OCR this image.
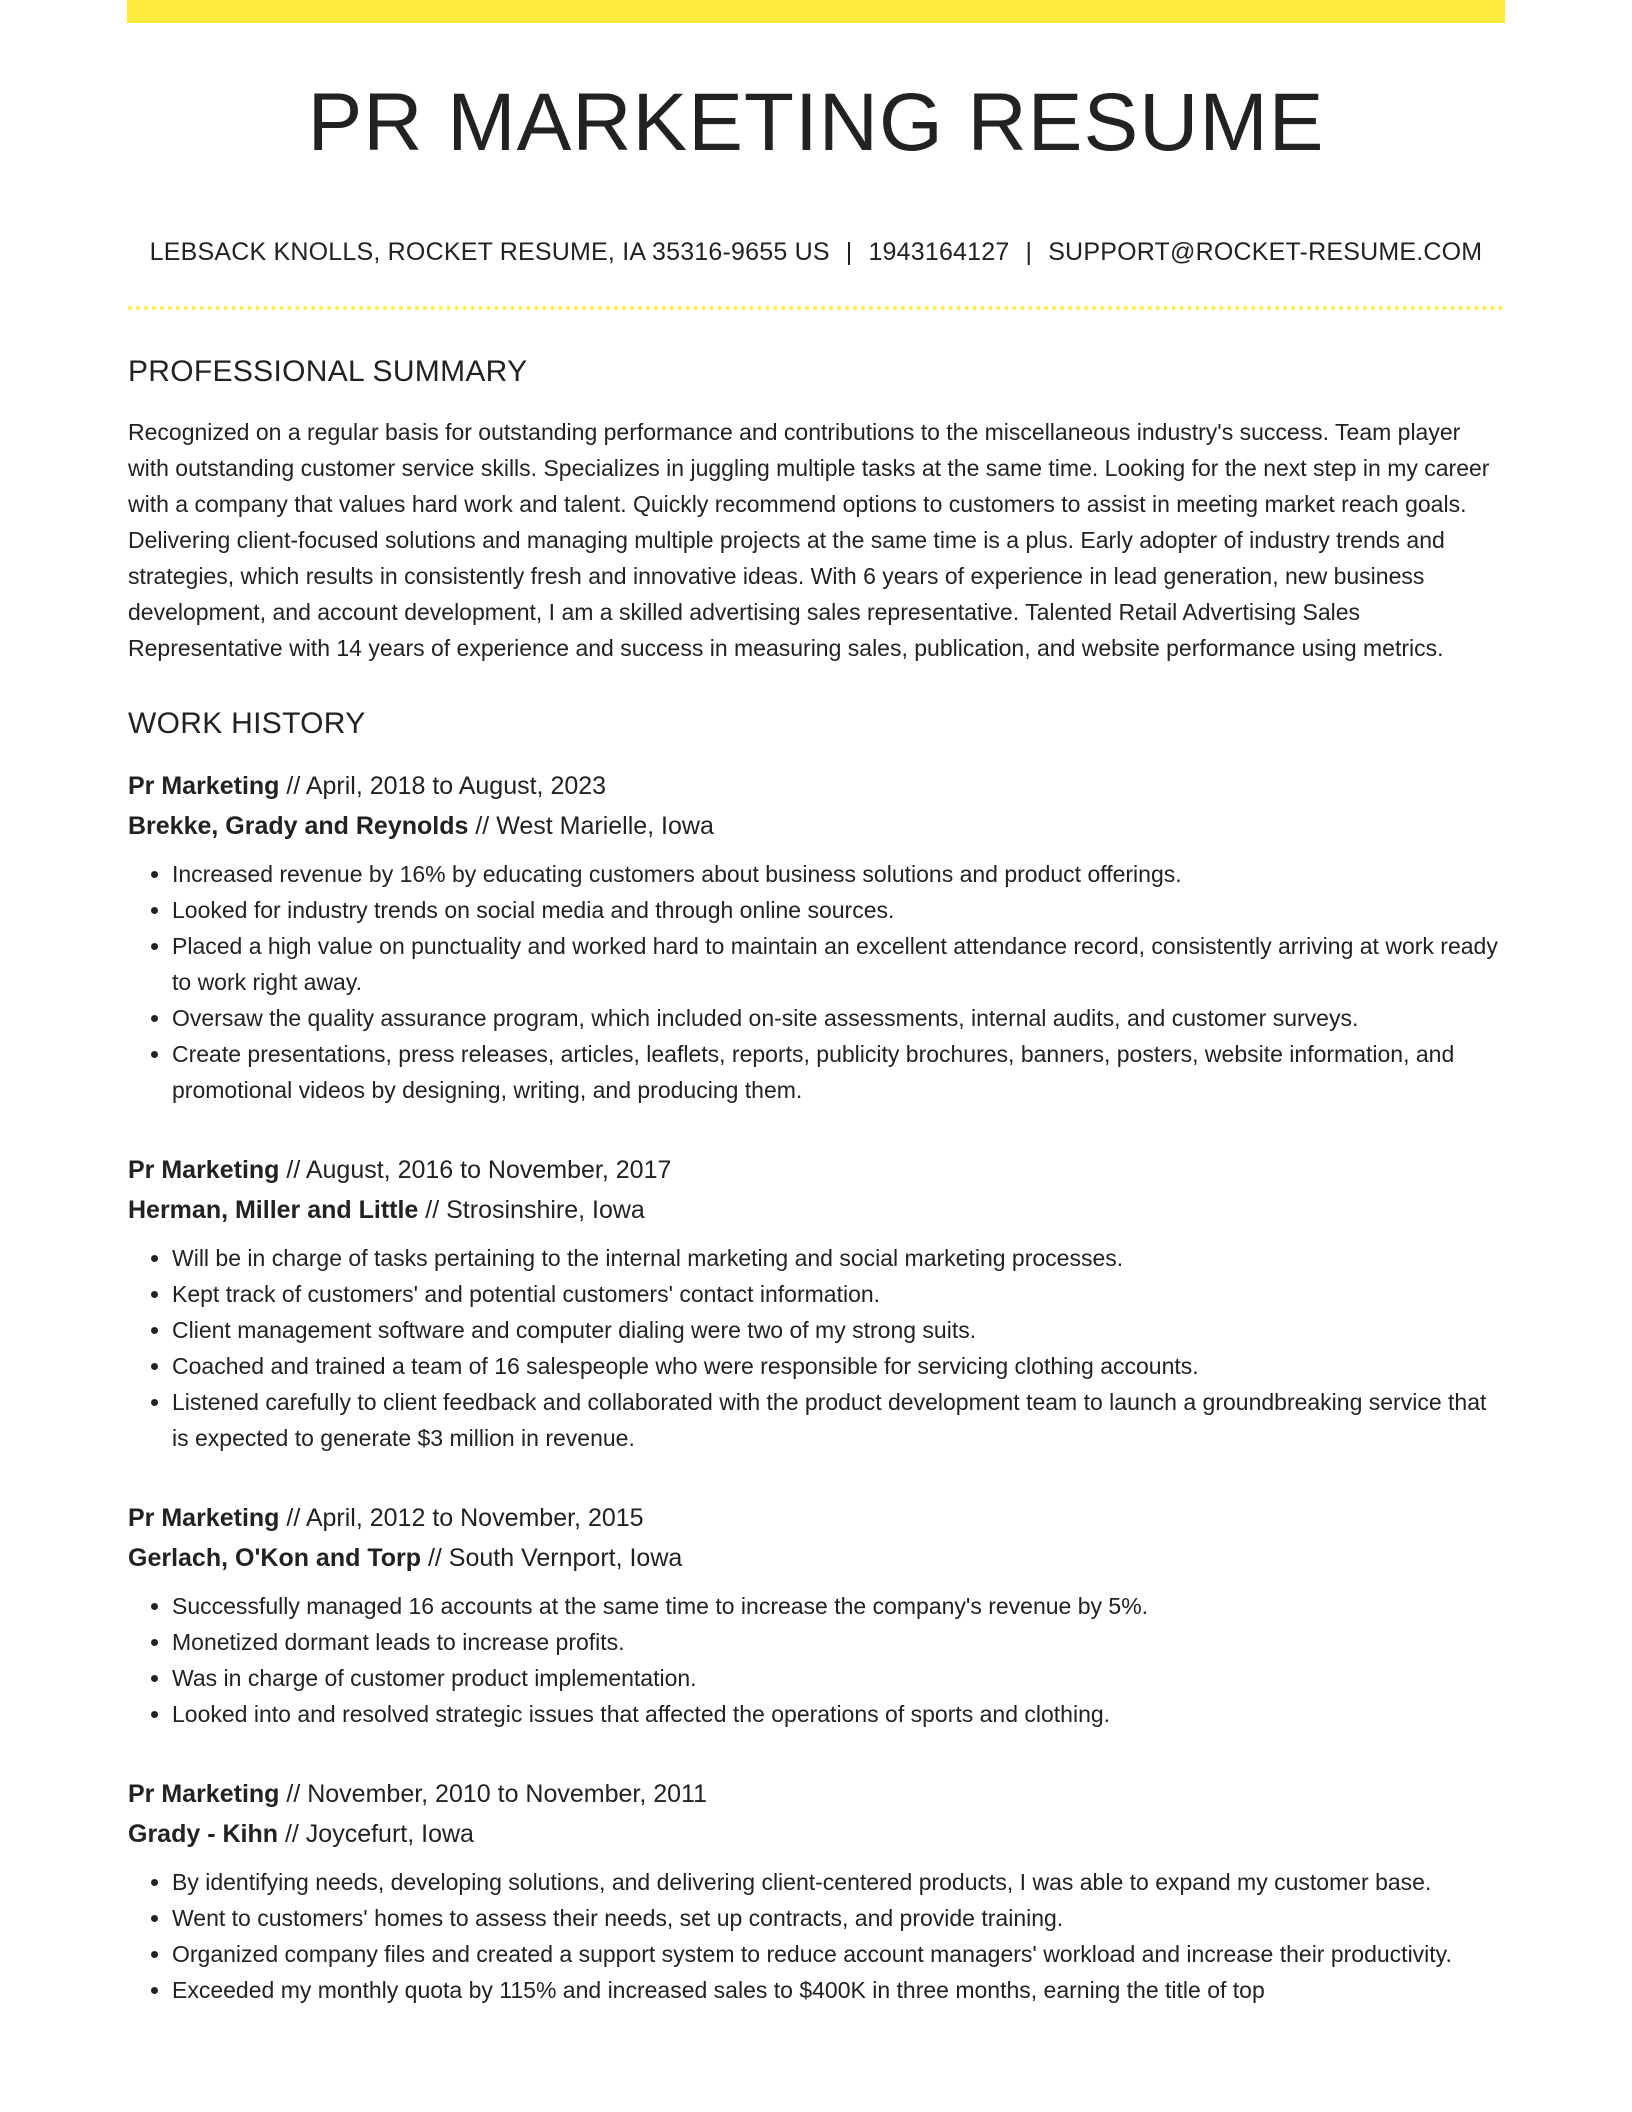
PR MARKETING RESUME
LEBSACK KNOLLS, ROCKET RESUME, IA 35316-9655 US | 1943164127 | SUPPORT@ROCKET-RESUME.COM
PROFESSIONAL SUMMARY

Recognized on a regular basis for outstanding performance and contributions to the miscellaneous industry's success. Team player with outstanding customer service skills. Specializes in juggling multiple tasks at the same time. Looking for the next step in my career with a company that values hard work and talent. Quickly recommend options to customers to assist in meeting market reach goals. Delivering client-focused solutions and managing multiple projects at the same time is a plus. Early adopter of industry trends and strategies, which results in consistently fresh and innovative ideas. With 6 years of experience in lead generation, new business development, and account development, I am a skilled advertising sales representative. Talented Retail Advertising Sales Representative with 14 years of experience and success in measuring sales, publication, and website performance using metrics.

WORK HISTORY
Pr Marketing // April, 2018 to August, 2023
Brekke, Grady and Reynolds // West Marielle, Iowa
• Increased revenue by 16% by educating customers about business solutions and product offerings.
• Looked for industry trends on social media and through online sources.
• Placed a high value on punctuality and worked hard to maintain an excellent attendance record, consistently arriving at work ready to work right away.
• Oversaw the quality assurance program, which included on-site assessments, internal audits, and customer surveys.
• Create presentations, press releases, articles, leaflets, reports, publicity brochures, banners, posters, website information, and promotional videos by designing, writing, and producing them.
Pr Marketing // August, 2016 to November, 2017
Herman, Miller and Little // Strosinshire, Iowa
• Will be in charge of tasks pertaining to the internal marketing and social marketing processes.
• Kept track of customers' and potential customers' contact information.
• Client management software and computer dialing were two of my strong suits.
• Coached and trained a team of 16 salespeople who were responsible for servicing clothing accounts.
• Listened carefully to client feedback and collaborated with the product development team to launch a groundbreaking service that is expected to generate $3 million in revenue.
Pr Marketing // April, 2012 to November, 2015
Gerlach, O'Kon and Torp // South Vernport, Iowa
• Successfully managed 16 accounts at the same time to increase the company's revenue by 5%.
• Monetized dormant leads to increase profits.
• Was in charge of customer product implementation.
• Looked into and resolved strategic issues that affected the operations of sports and clothing.
Pr Marketing // November, 2010 to November, 2011
Grady - Kihn // Joycefurt, Iowa
• By identifying needs, developing solutions, and delivering client-centered products, I was able to expand my customer base.
• Went to customers' homes to assess their needs, set up contracts, and provide training.
• Organized company files and created a support system to reduce account managers' workload and increase their productivity.
• Exceeded my monthly quota by 115% and increased sales to $400K in three months, earning the title of top
